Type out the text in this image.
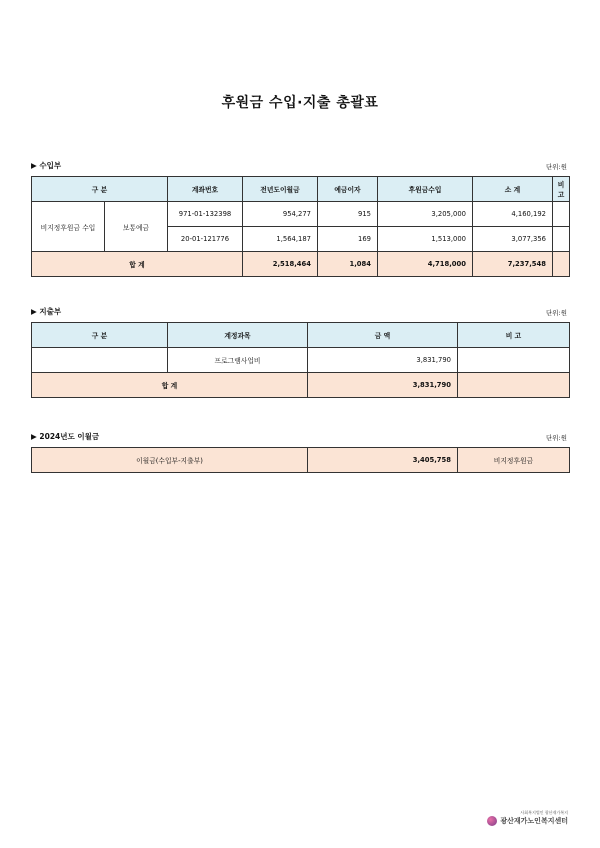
후원금 수입·지출 총괄표
▶ 수입부	단위:원
구 분		계좌번호	전년도이월금	예금이자	후원금수입	소 계	비 고
비지정후원금 수입	보통예금	971-01-132398	954,277	915	3,205,000	4,160,192	
		20-01-121776	1,564,187	169	1,513,000	3,077,356	
합 계			2,518,464	1,084	4,718,000	7,237,548	
▶ 지출부	단위:원
구 분	계정과목	금 액	비 고
	프로그램사업비	3,831,790	
합 계		3,831,790	
▶ 2024년도 이월금	단위:원
이월금(수입부-지출부)	3,405,758	비지정후원금
사회복지법인 광산재가복지
광산재가노인복지센터
